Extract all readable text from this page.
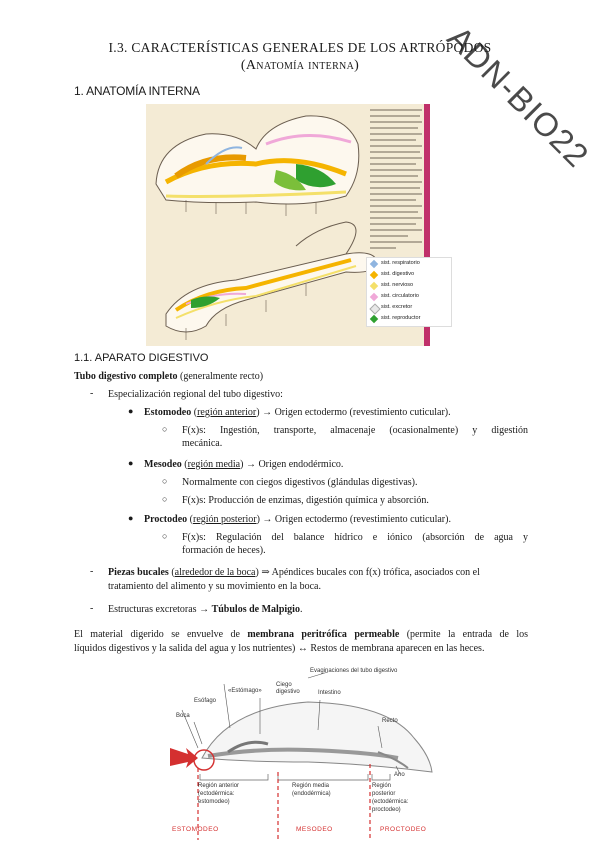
ADN-BIO22
I.3. CARACTERÍSTICAS GENERALES DE LOS ARTRÓPODOS
(Anatomía interna)
1. ANATOMÍA INTERNA
sist. respiratorio
sist. digestivo
sist. nervioso
sist. circulatorio
sist. excretor
sist. reproductor
1.1. APARATO DIGESTIVO
Tubo digestivo completo (generalmente recto)
- Especialización regional del tubo digestivo:
● Estomodeo (región anterior) → Origen ectodermo (revestimiento cuticular).
○ F(x)s: Ingestión, transporte, almacenaje (ocasionalmente) y digestión
mecánica.
● Mesodeo (región media) → Origen endodérmico.
○ Normalmente con ciegos digestivos (glándulas digestivas).
○ F(x)s: Producción de enzimas, digestión química y absorción.
● Proctodeo (región posterior) → Origen ectodermo (revestimiento cuticular).
○ F(x)s: Regulación del balance hídrico e iónico (absorción de agua y
formación de heces).
- Piezas bucales (alrededor de la boca) ⇒ Apéndices bucales con f(x) trófica, asociados con el
tratamiento del alimento y su movimiento en la boca.
- Estructuras excretoras → Túbulos de Malpigio.
El material digerido se envuelve de membrana peritrófica permeable (permite la entrada de los
líquidos digestivos y la salida del agua y los nutrientes) ↔ Restos de membrana aparecen en las heces.
Evaginaciones del tubo digestivo
«Estómago»
Ciego
digestivo	Intestino
Esófago
Boca
Recto
Ano
Región anterior
(ectodérmica:
estomodeo)
Región media
(endodérmica)
Región
posterior
(ectodérmica:
proctodeo)
ESTOMODEO	MESODEO	PROCTODEO
